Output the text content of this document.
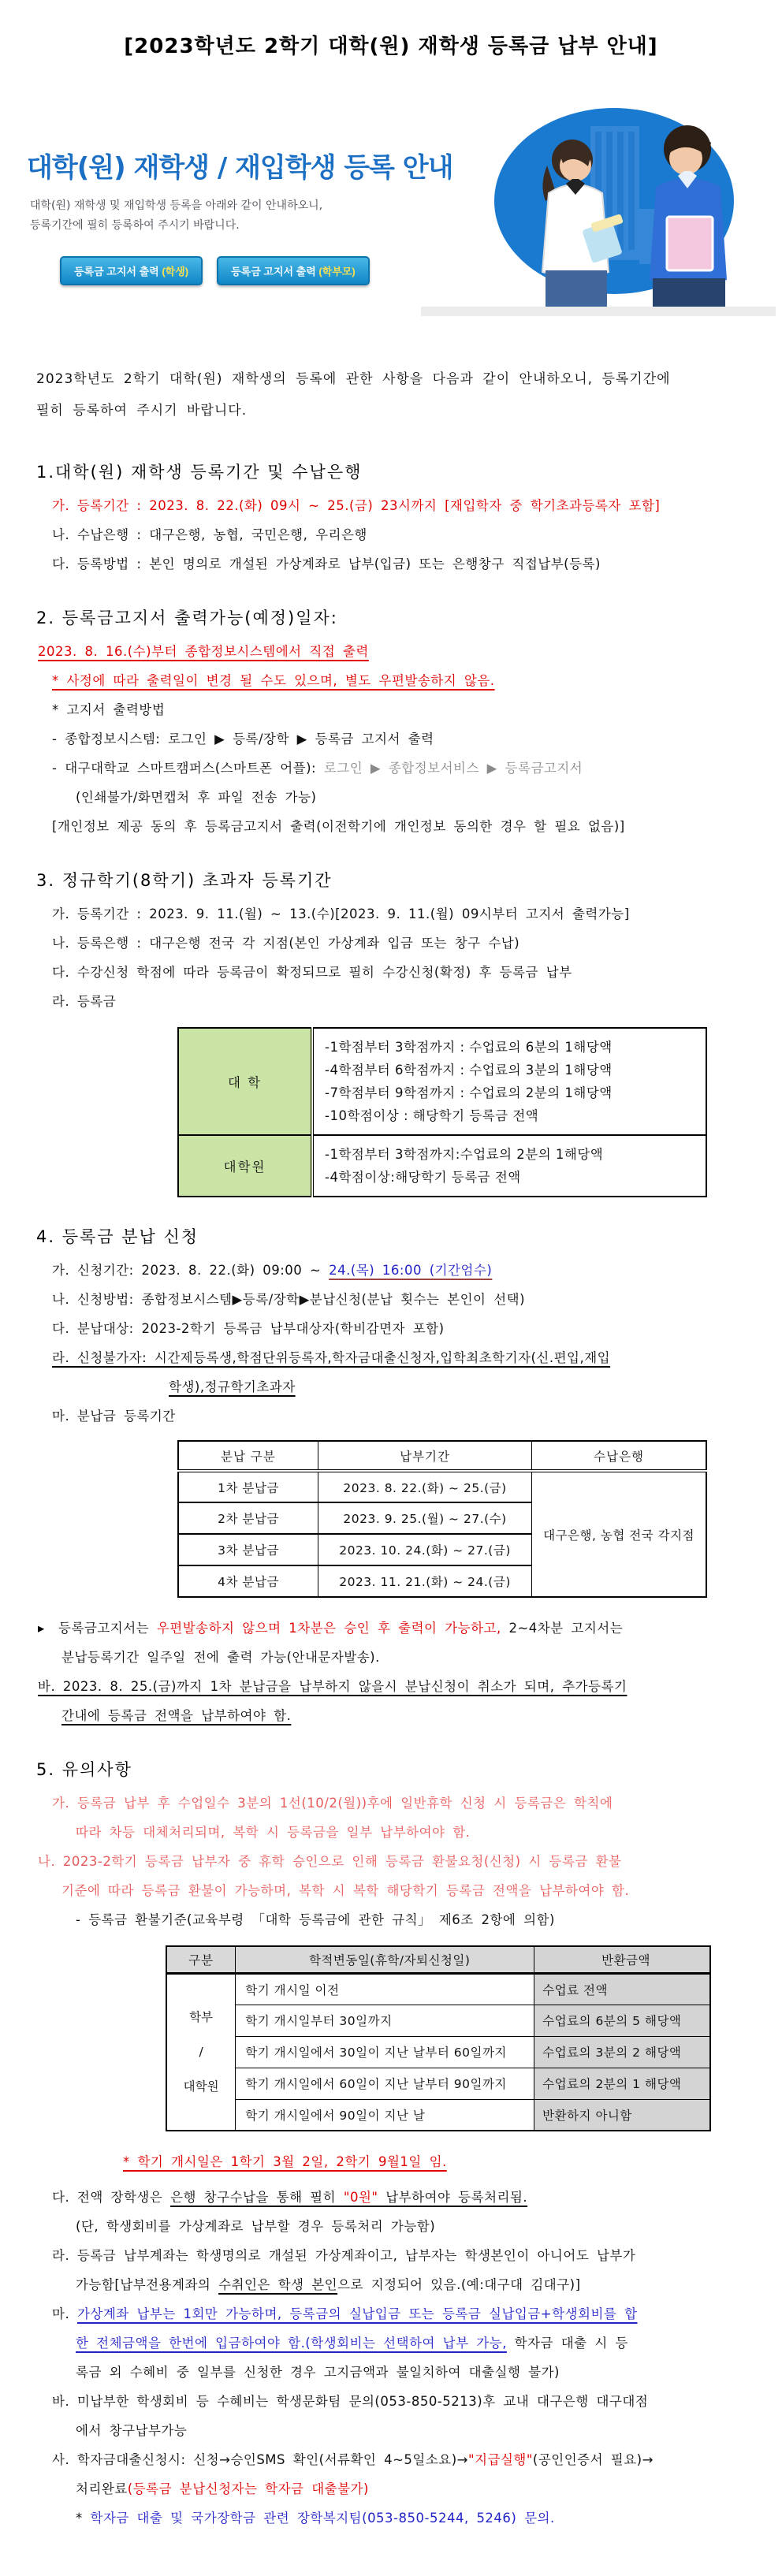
[2023학년도 2학기 대학(원) 재학생 등록금 납부 안내]
대학(원) 재학생 / 재입학생 등록 안내
대학(원) 재학생 및 재입학생 등록을 아래와 같이 안내하오니,
등록기간에 필히 등록하여 주시기 바랍니다.
등록금 고지서 출력 (학생)	등록금 고지서 출력 (학부모)
2023학년도 2학기 대학(원) 재학생의 등록에 관한 사항을 다음과 같이 안내하오니, 등록기간에
필히 등록하여 주시기 바랍니다.
1.대학(원) 재학생 등록기간 및 수납은행
가. 등록기간 : 2023. 8. 22.(화) 09시 ~ 25.(금) 23시까지 [재입학자 중 학기초과등록자 포함]
나. 수납은행 : 대구은행, 농협, 국민은행, 우리은행
다. 등록방법 : 본인 명의로 개설된 가상계좌로 납부(입금) 또는 은행창구 직접납부(등록)
2. 등록금고지서 출력가능(예정)일자:
2023. 8. 16.(수)부터 종합정보시스템에서 직접 출력
* 사정에 따라 출력일이 변경 될 수도 있으며, 별도 우편발송하지 않음.
* 고지서 출력방법
- 종합정보시스템: 로그인 ▶ 등록/장학 ▶ 등록금 고지서 출력
- 대구대학교 스마트캠퍼스(스마트폰 어플): 로그인 ▶ 종합정보서비스 ▶ 등록금고지서
(인쇄불가/화면캡처 후 파일 전송 가능)
[개인정보 제공 동의 후 등록금고지서 출력(이전학기에 개인정보 동의한 경우 할 필요 없음)]
3. 정규학기(8학기) 초과자 등록기간
가. 등록기간 : 2023. 9. 11.(월) ~ 13.(수)[2023. 9. 11.(월) 09시부터 고지서 출력가능]
나. 등록은행 : 대구은행 전국 각 지점(본인 가상계좌 입금 또는 창구 수납)
다. 수강신청 학점에 따라 등록금이 확정되므로 필히 수강신청(확정) 후 등록금 납부
라. 등록금
대 학	-1학점부터 3학점까지 : 수업료의 6분의 1해당액
-4학점부터 6학점까지 : 수업료의 3분의 1해당액
-7학점부터 9학점까지 : 수업료의 2분의 1해당액
-10학점이상 : 해당학기 등록금 전액

대학원	-1학점부터 3학점까지:수업료의 2분의 1해당액
-4학점이상:해당학기 등록금 전액
4. 등록금 분납 신청
가. 신청기간: 2023. 8. 22.(화) 09:00 ~ 24.(목) 16:00 (기간엄수)
나. 신청방법: 종합정보시스템▶등록/장학▶분납신청(분납 횟수는 본인이 선택)
다. 분납대상: 2023-2학기 등록금 납부대상자(학비감면자 포함)
라. 신청불가자: 시간제등록생,학점단위등록자,학자금대출신청자,입학최초학기자(신.편입,재입
학생),정규학기초과자
마. 분납금 등록기간
분납 구분	납부기간	수납은행
1차 분납금	2023. 8. 22.(화) ~ 25.(금)	대구은행, 농협 전국 각지점
2차 분납금	2023. 9. 25.(월) ~ 27.(수)	
3차 분납금	2023. 10. 24.(화) ~ 27.(금)	
4차 분납금	2023. 11. 21.(화) ~ 24.(금)	
▸ 등록금고지서는 우편발송하지 않으며 1차분은 승인 후 출력이 가능하고, 2~4차분 고지서는
분납등록기간 일주일 전에 출력 가능(안내문자발송).
바. 2023. 8. 25.(금)까지 1차 분납금을 납부하지 않을시 분납신청이 취소가 되며, 추가등록기
간내에 등록금 전액을 납부하여야 함.
5. 유의사항
가. 등록금 납부 후 수업일수 3분의 1선(10/2(월))후에 일반휴학 신청 시 등록금은 학칙에
따라 차등 대체처리되며, 복학 시 등록금을 일부 납부하여야 함.
나. 2023-2학기 등록금 납부자 중 휴학 승인으로 인해 등록금 환불요청(신청) 시 등록금 환불
기준에 따라 등록금 환불이 가능하며, 복학 시 복학 해당학기 등록금 전액을 납부하여야 함.
- 등록금 환불기준(교육부령 「대학 등록금에 관한 규칙」 제6조 2항에 의함)
구분	학적변동일(휴학/자퇴신청일)	반환금액

학부
/
대학원	학기 개시일 이전	수업료 전액
	학기 개시일부터 30일까지	수업료의 6분의 5 해당액
	학기 개시일에서 30일이 지난 날부터 60일까지	수업료의 3분의 2 해당액
	학기 개시일에서 60일이 지난 날부터 90일까지	수업료의 2분의 1 해당액
	학기 개시일에서 90일이 지난 날	반환하지 아니함
* 학기 개시일은 1학기 3월 2일, 2학기 9월1일 임.
다. 전액 장학생은 은행 창구수납을 통해 필히 "0원" 납부하여야 등록처리됨.
(단, 학생회비를 가상계좌로 납부할 경우 등록처리 가능함)
라. 등록금 납부계좌는 학생명의로 개설된 가상계좌이고, 납부자는 학생본인이 아니어도 납부가
가능함[납부전용계좌의 수취인은 학생 본인으로 지정되어 있음.(예:대구대 김대구)]
마. 가상계좌 납부는 1회만 가능하며, 등록금의 실납입금 또는 등록금 실납입금+학생회비를 합
한 전체금액을 한번에 입금하여야 함.(학생회비는 선택하여 납부 가능, 학자금 대출 시 등
록금 외 수혜비 중 일부를 신청한 경우 고지금액과 불일치하여 대출실행 불가)
바. 미납부한 학생회비 등 수혜비는 학생문화팀 문의(053-850-5213)후 교내 대구은행 대구대점
에서 창구납부가능
사. 학자금대출신청시: 신청→승인SMS 확인(서류확인 4~5일소요)→"지급실행"(공인인증서 필요)→
처리완료(등록금 분납신청자는 학자금 대출불가)
* 학자금 대출 및 국가장학금 관련 장학복지팀(053-850-5244, 5246) 문의.
